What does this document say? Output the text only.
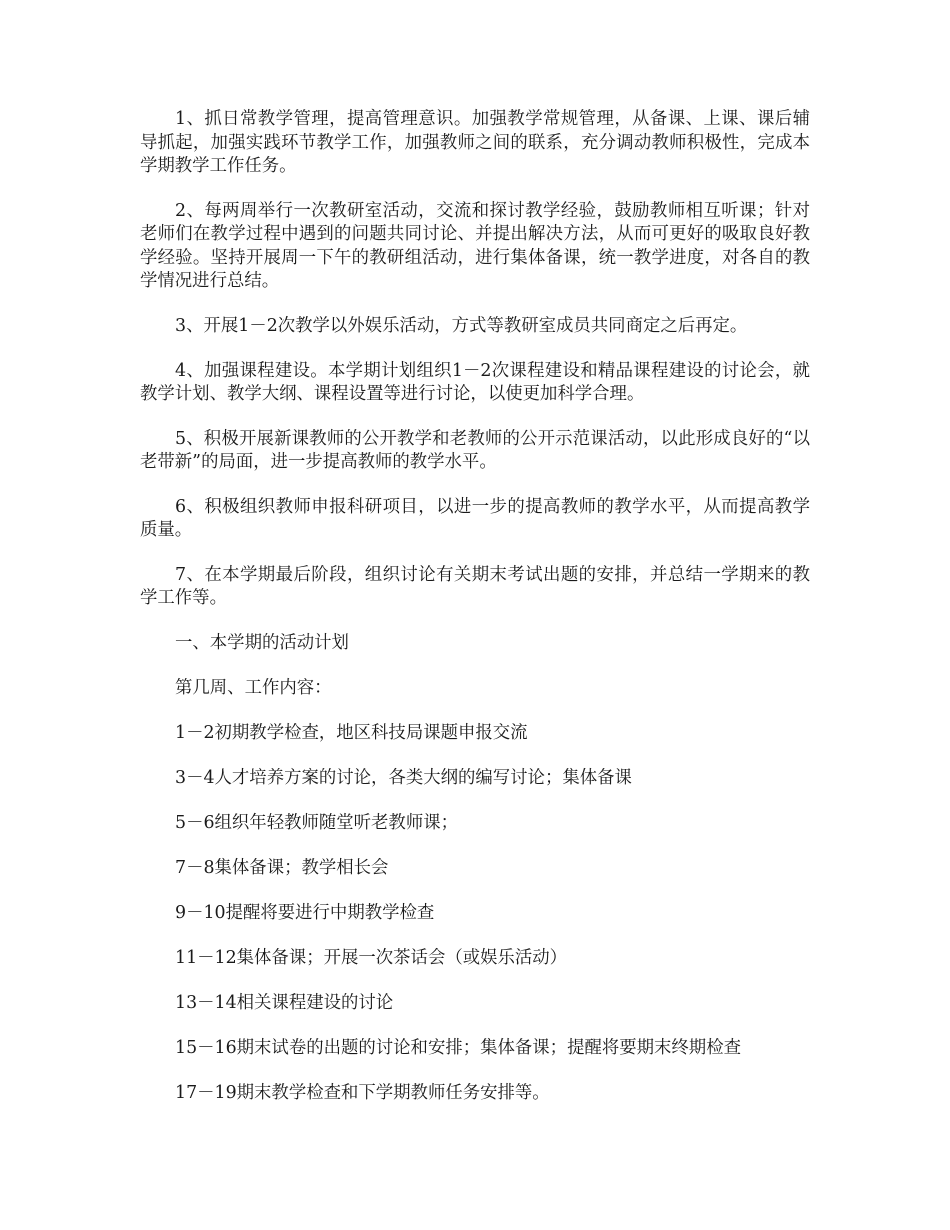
1、抓日常教学管理，提高管理意识。加强教学常规管理，从备课、上课、课后辅导抓起，加强实践环节教学工作，加强教师之间的联系，充分调动教师积极性，完成本学期教学工作任务。

2、每两周举行一次教研室活动，交流和探讨教学经验，鼓励教师相互听课；针对老师们在教学过程中遇到的问题共同讨论、并提出解决方法，从而可更好的吸取良好教学经验。坚持开展周一下午的教研组活动，进行集体备课，统一教学进度，对各自的教学情况进行总结。

3、开展1－2次教学以外娱乐活动，方式等教研室成员共同商定之后再定。

4、加强课程建设。本学期计划组织1－2次课程建设和精品课程建设的讨论会，就教学计划、教学大纲、课程设置等进行讨论，以使更加科学合理。

5、积极开展新课教师的公开教学和老教师的公开示范课活动，以此形成良好的“以老带新”的局面，进一步提高教师的教学水平。

6、积极组织教师申报科研项目，以进一步的提高教师的教学水平，从而提高教学质量。

7、在本学期最后阶段，组织讨论有关期末考试出题的安排，并总结一学期来的教学工作等。

一、本学期的活动计划

第几周、工作内容：

1－2初期教学检查，地区科技局课题申报交流

3－4人才培养方案的讨论，各类大纲的编写讨论；集体备课

5－6组织年轻教师随堂听老教师课；

7－8集体备课；教学相长会

9－10提醒将要进行中期教学检查

11－12集体备课；开展一次茶话会（或娱乐活动）

13－14相关课程建设的讨论

15－16期末试卷的出题的讨论和安排；集体备课；提醒将要期末终期检查

17－19期末教学检查和下学期教师任务安排等。
